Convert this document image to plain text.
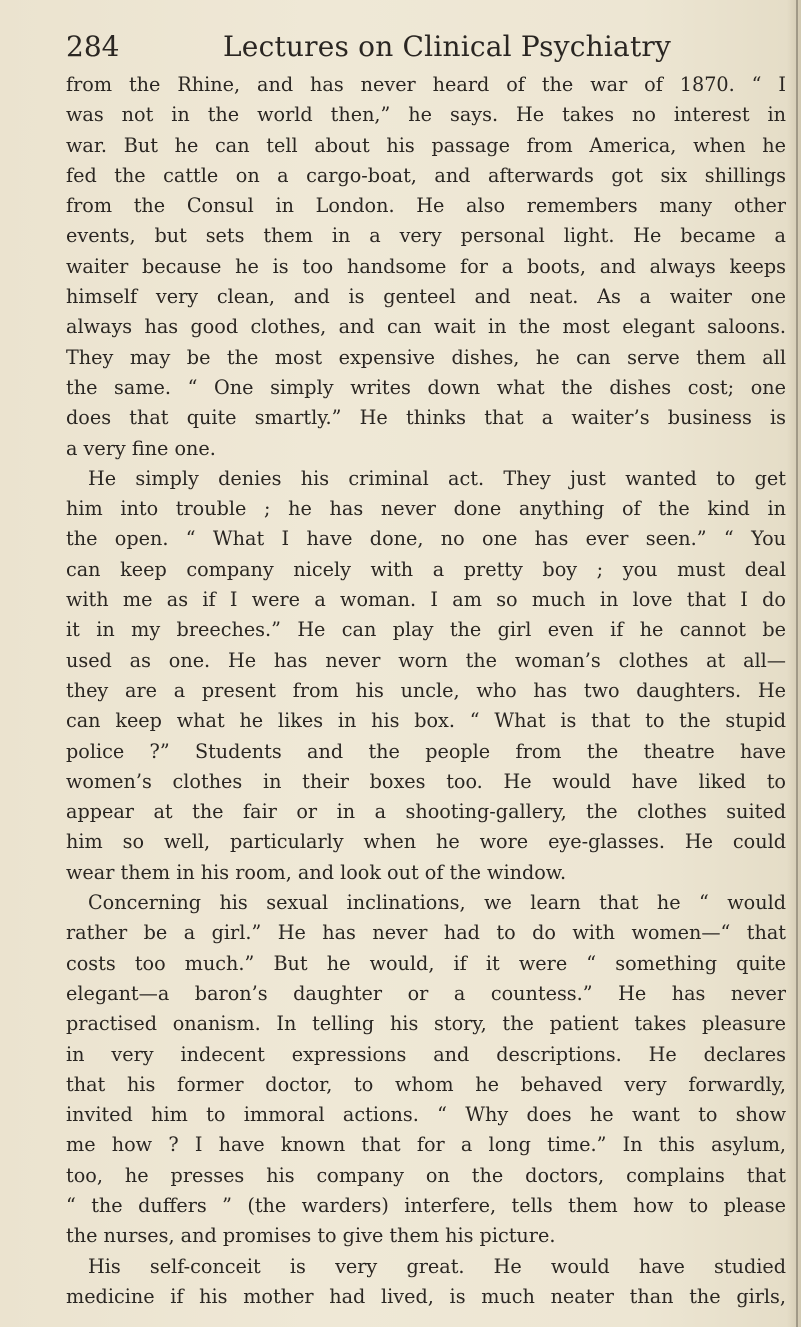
284	Lectures on Clinical Psychiatry
from the Rhine, and has never heard of the war of 1870. “ I
was not in the world then,” he says. He takes no interest in
war. But he can tell about his passage from America, when he
fed the cattle on a cargo-boat, and afterwards got six shillings
from the Consul in London. He also remembers many other
events, but sets them in a very personal light. He became a
waiter because he is too handsome for a boots, and always keeps
himself very clean, and is genteel and neat. As a waiter one
always has good clothes, and can wait in the most elegant saloons.
They may be the most expensive dishes, he can serve them all
the same. “ One simply writes down what the dishes cost; one
does that quite smartly.” He thinks that a waiter’s business is
a very fine one.
He simply denies his criminal act. They just wanted to get
him into trouble ; he has never done anything of the kind in
the open. “ What I have done, no one has ever seen.” “ You
can keep company nicely with a pretty boy ; you must deal
with me as if I were a woman. I am so much in love that I do
it in my breeches.” He can play the girl even if he cannot be
used as one. He has never worn the woman’s clothes at all—
they are a present from his uncle, who has two daughters. He
can keep what he likes in his box. “ What is that to the stupid
police ?” Students and the people from the theatre have
women’s clothes in their boxes too. He would have liked to
appear at the fair or in a shooting-gallery, the clothes suited
him so well, particularly when he wore eye-glasses. He could
wear them in his room, and look out of the window.
Concerning his sexual inclinations, we learn that he “ would
rather be a girl.” He has never had to do with women—“ that
costs too much.” But he would, if it were “ something quite
elegant—a baron’s daughter or a countess.” He has never
practised onanism. In telling his story, the patient takes pleasure
in very indecent expressions and descriptions. He declares
that his former doctor, to whom he behaved very forwardly,
invited him to immoral actions. “ Why does he want to show
me how ? I have known that for a long time.” In this asylum,
too, he presses his company on the doctors, complains that
“ the duffers ” (the warders) interfere, tells them how to please
the nurses, and promises to give them his picture.
His self-conceit is very great. He would have studied
medicine if his mother had lived, is much neater than the girls,
